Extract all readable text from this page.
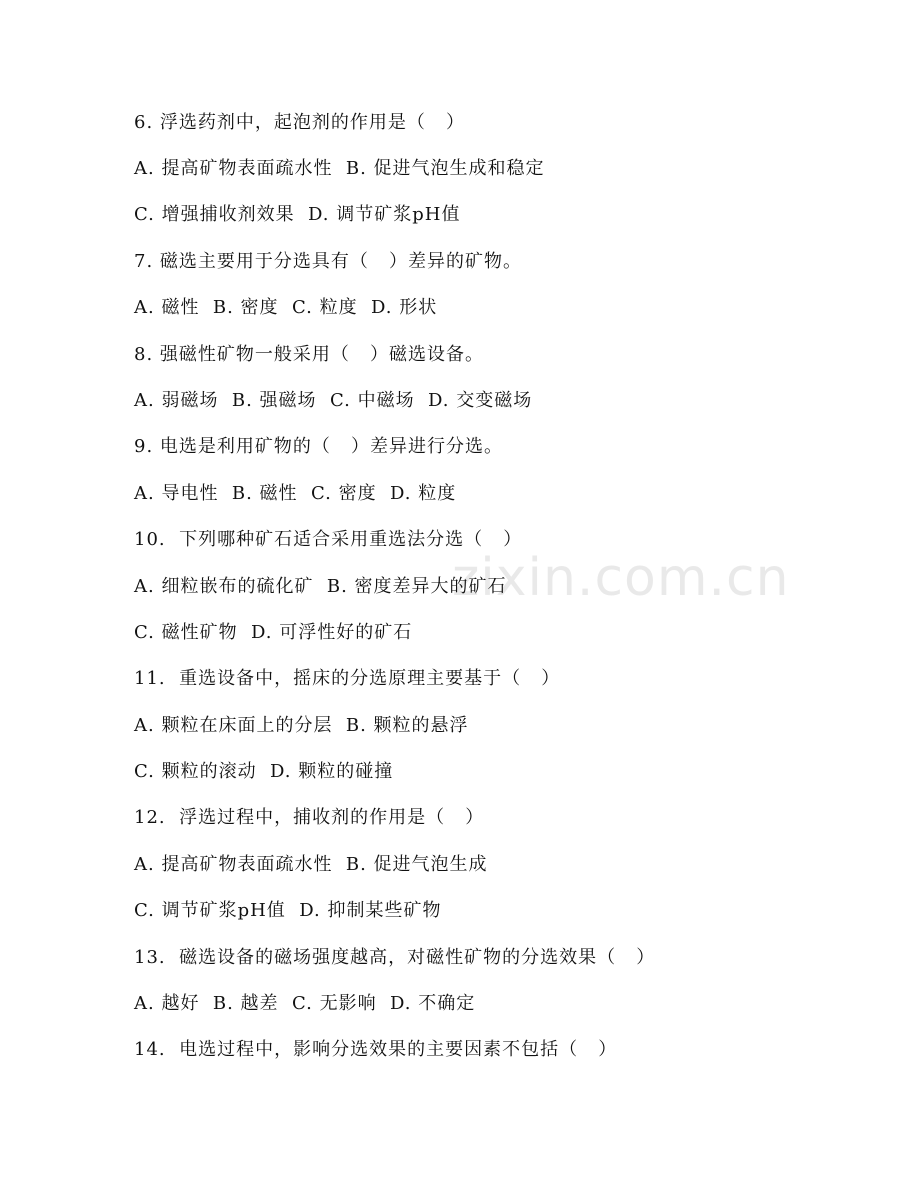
zixin.com.cn
6. 浮选药剂中，起泡剂的作用是（   ）
A. 提高矿物表面疏水性  B. 促进气泡生成和稳定
C. 增强捕收剂效果  D. 调节矿浆pH值
7. 磁选主要用于分选具有（   ）差异的矿物。
A. 磁性  B. 密度  C. 粒度  D. 形状
8. 强磁性矿物一般采用（   ）磁选设备。
A. 弱磁场  B. 强磁场  C. 中磁场  D. 交变磁场
9. 电选是利用矿物的（   ）差异进行分选。
A. 导电性  B. 磁性  C. 密度  D. 粒度
10.  下列哪种矿石适合采用重选法分选（   ）
A. 细粒嵌布的硫化矿  B. 密度差异大的矿石
C. 磁性矿物  D. 可浮性好的矿石
11.  重选设备中，摇床的分选原理主要基于（   ）
A. 颗粒在床面上的分层  B. 颗粒的悬浮
C. 颗粒的滚动  D. 颗粒的碰撞
12.  浮选过程中，捕收剂的作用是（   ）
A. 提高矿物表面疏水性  B. 促进气泡生成
C. 调节矿浆pH值  D. 抑制某些矿物
13.  磁选设备的磁场强度越高，对磁性矿物的分选效果（   ）
A. 越好  B. 越差  C. 无影响  D. 不确定
14.  电选过程中，影响分选效果的主要因素不包括（   ）
